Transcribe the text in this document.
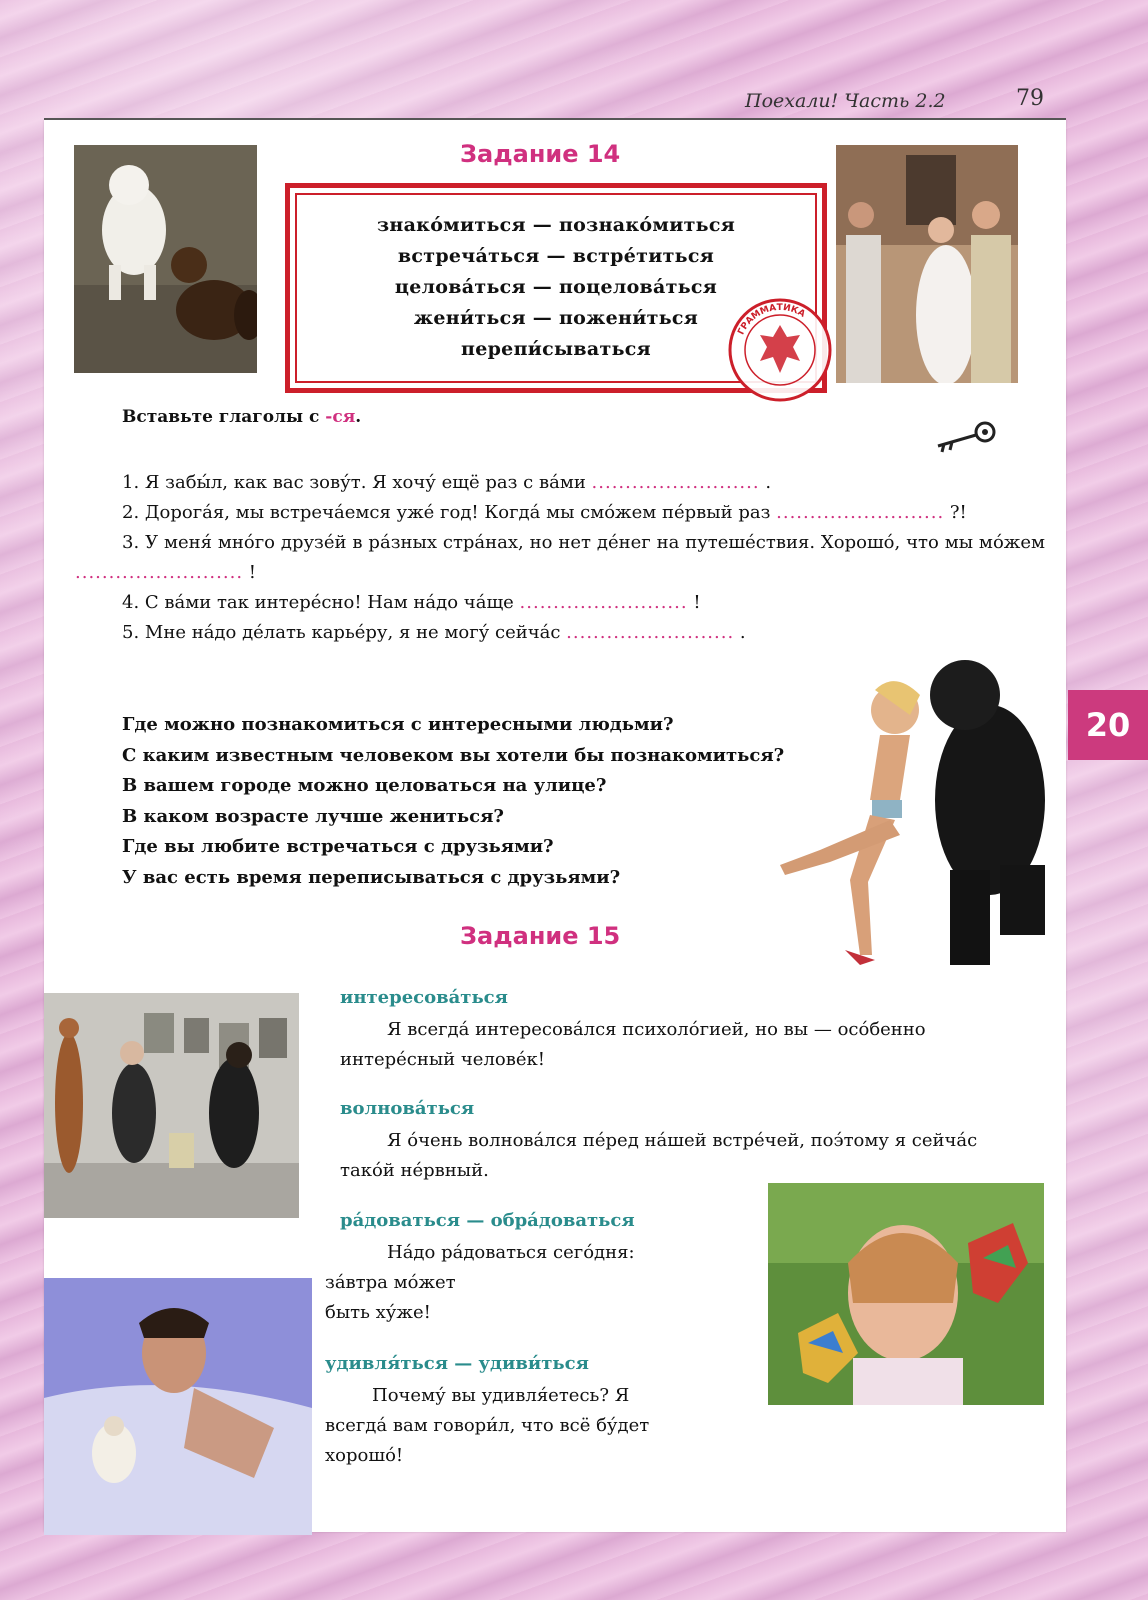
Поехали! Часть 2.2	79
Задание 14
знако́миться — познако́миться
встреча́ться — встре́титься
целова́ться — поцелова́ться
жени́ться — пожени́ться
перепи́сываться
ГРАММАТИКА
Вставьте глаголы с -ся.

1. Я забы́л, как вас зову́т. Я хочу́ ещё раз с ва́ми ......................... .

2. Дорога́я, мы встреча́емся уже́ год! Когда́ мы смо́жем пе́рвый раз ......................... ?!

3. У меня́ мно́го друзе́й в ра́зных стра́нах, но нет де́нег на путеше́ствия. Хорошо́, что мы мо́жем ......................... !

4. С ва́ми так интере́сно! Нам на́до ча́ще ......................... !

5. Мне на́до де́лать карье́ру, я не могу́ сейча́с ......................... .

Где можно познакомиться с интересными людьми?
С каким известным человеком вы хотели бы познакомиться?
В вашем городе можно целоваться на улице?
В каком возрасте лучше жениться?
Где вы любите встречаться с друзьями?
У вас есть время переписываться с друзьями?
20
Задание 15
интересова́ться
Я всегда́ интересова́лся психоло́гией, но вы — осо́бенно интере́сный челове́к!
волнова́ться
Я о́чень волнова́лся пе́ред на́шей встре́чей, поэ́тому я сейча́с тако́й не́рвный.
ра́доваться — обра́доваться
На́до ра́доваться сего́дня:
за́втра мо́жет
быть ху́же!
удивля́ться — удиви́ться
Почему́ вы удивля́етесь? Я
всегда́ вам говори́л, что всё бу́дет
хорошо́!
